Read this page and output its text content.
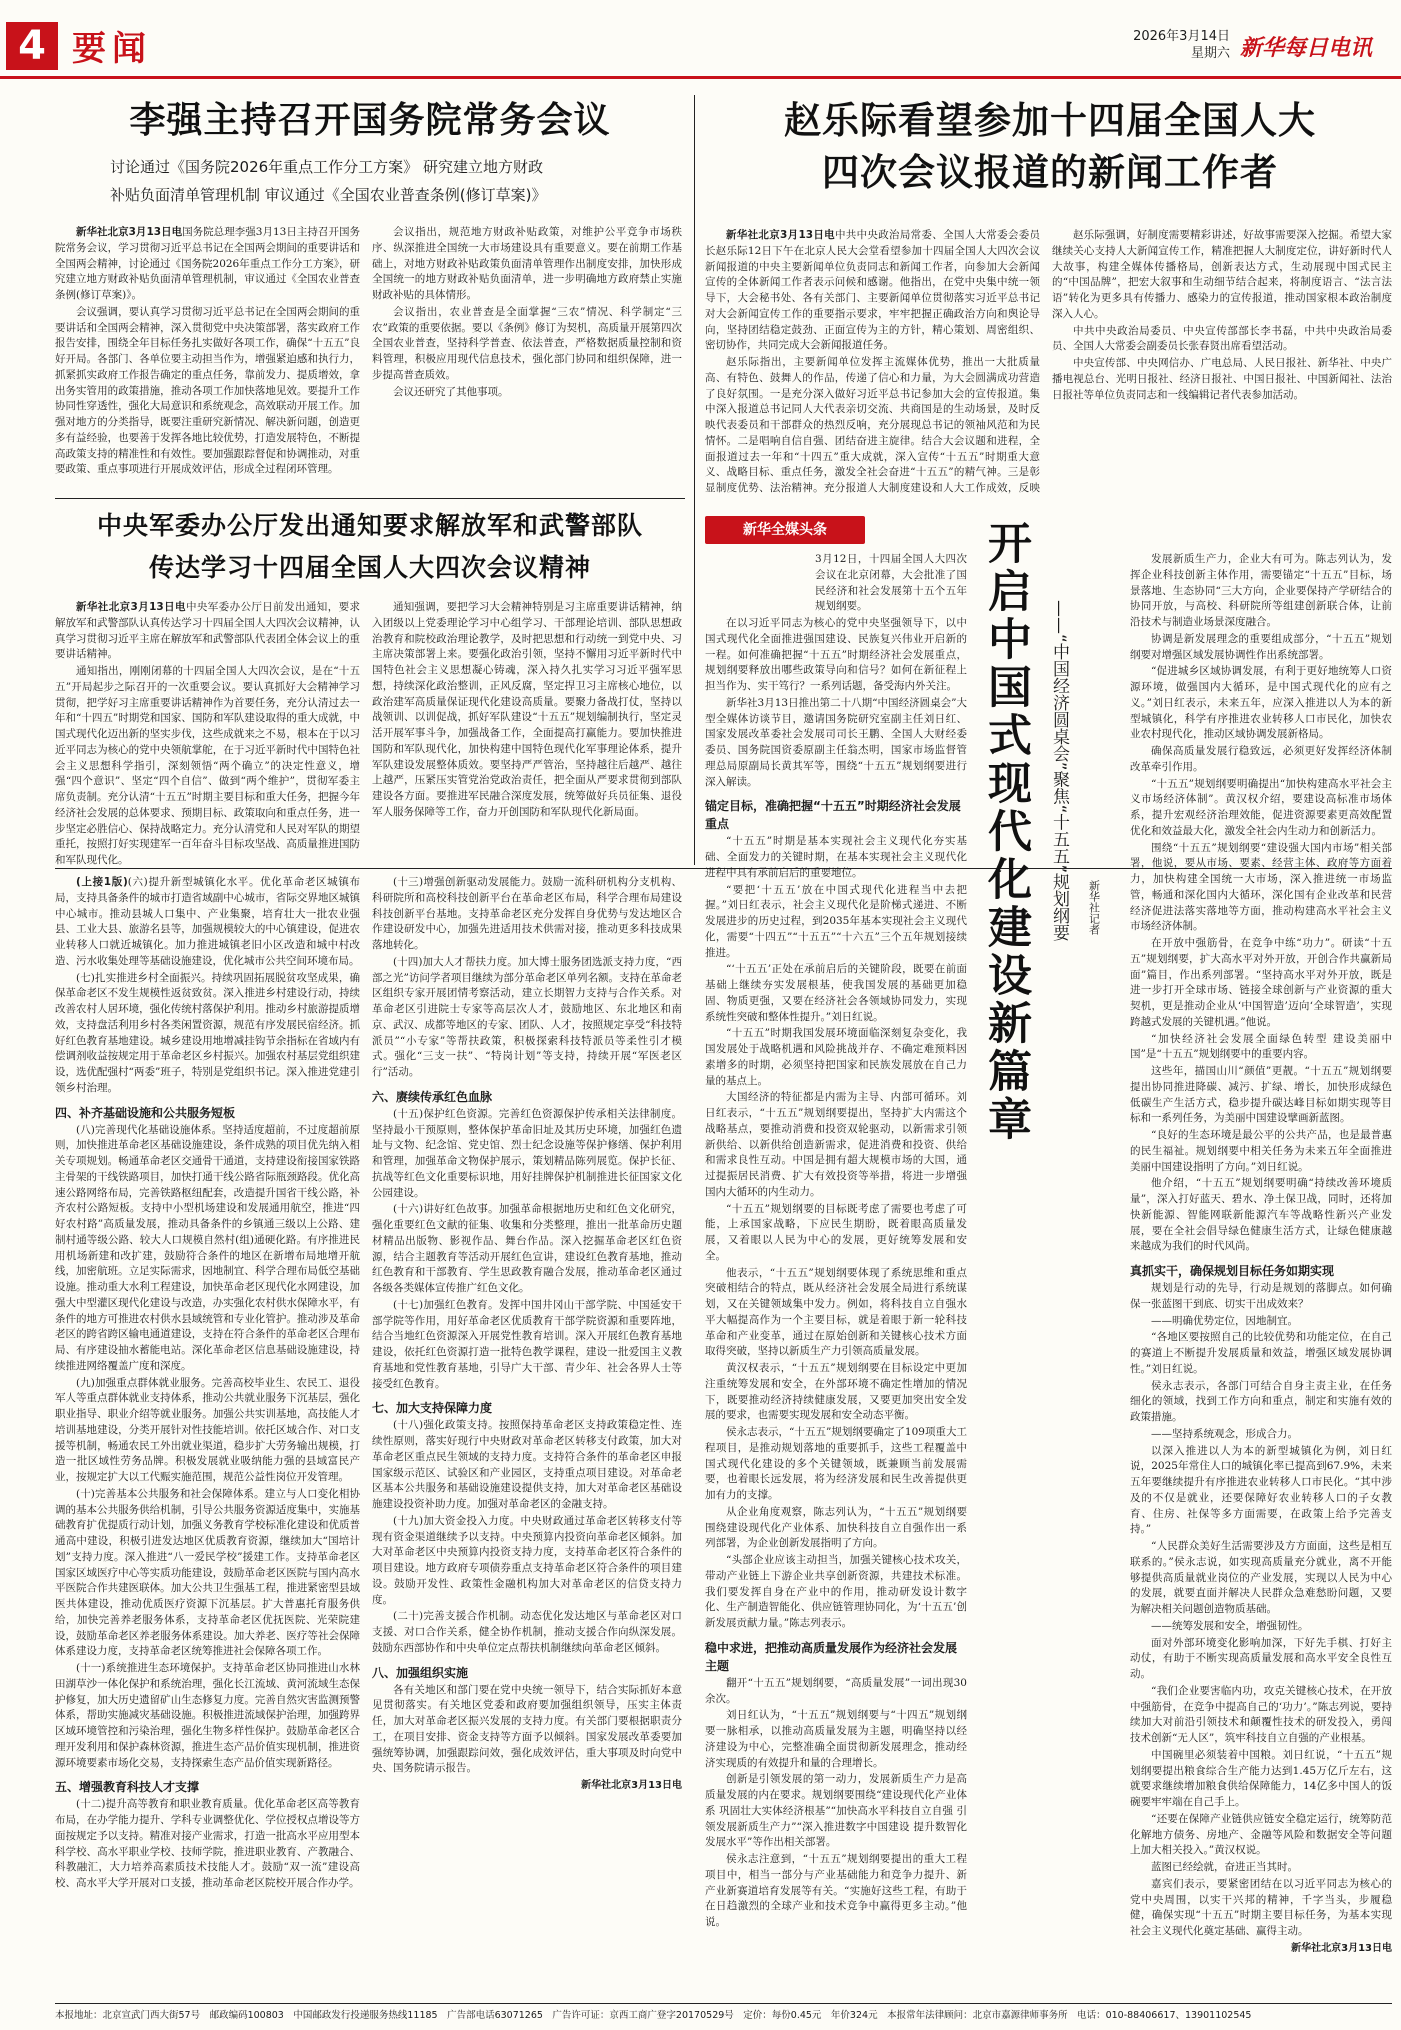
4 要闻	2026年3月14日
星期六 新华每日电讯
李强主持召开国务院常务会议
讨论通过《国务院2026年重点工作分工方案》 研究建立地方财政
补贴负面清单管理机制 审议通过《全国农业普查条例(修订草案)》

新华社北京3月13日电国务院总理李强3月13日主持召开国务院常务会议，学习贯彻习近平总书记在全国两会期间的重要讲话和全国两会精神，讨论通过《国务院2026年重点工作分工方案》，研究建立地方财政补贴负面清单管理机制，审议通过《全国农业普查条例(修订草案)》。

会议强调，要认真学习贯彻习近平总书记在全国两会期间的重要讲话和全国两会精神，深入贯彻党中央决策部署，落实政府工作报告安排，围绕全年目标任务扎实做好各项工作，确保“十五五”良好开局。各部门、各单位要主动担当作为，增强紧迫感和执行力，抓紧抓实政府工作报告确定的重点任务，靠前发力、提质增效，拿出务实管用的政策措施，推动各项工作加快落地见效。要提升工作协同性穿透性，强化大局意识和系统观念，高效联动开展工作。加强对地方的分类指导，既要注重研究新情况、解决新问题，创造更多有益经验，也要善于发挥各地比较优势，打造发展特色，不断提高政策支持的精准性和有效性。要加强跟踪督促和协调推动，对重要政策、重点事项进行开展成效评估，形成全过程闭环管理。

会议指出，规范地方财政补贴政策，对维护公平竞争市场秩序、纵深推进全国统一大市场建设具有重要意义。要在前期工作基础上，对地方财政补贴政策负面清单管理作出制度安排，加快形成全国统一的地方财政补贴负面清单，进一步明确地方政府禁止实施财政补贴的具体情形。

会议指出，农业普查是全面掌握“三农”情况、科学制定“三农”政策的重要依据。要以《条例》修订为契机，高质量开展第四次全国农业普查，坚持科学普查、依法普查，严格数据质量控制和资料管理，积极应用现代信息技术，强化部门协同和组织保障，进一步提高普查质效。

会议还研究了其他事项。

赵乐际看望参加十四届全国人大
四次会议报道的新闻工作者

新华社北京3月13日电中共中央政治局常委、全国人大常委会委员长赵乐际12日下午在北京人民大会堂看望参加十四届全国人大四次会议新闻报道的中央主要新闻单位负责同志和新闻工作者，向参加大会新闻宣传的全体新闻工作者表示问候和感谢。他指出，在党中央集中统一领导下，大会秘书处、各有关部门、主要新闻单位贯彻落实习近平总书记对大会新闻宣传工作的重要指示要求，牢牢把握正确政治方向和舆论导向，坚持团结稳定鼓劲、正面宣传为主的方针，精心策划、周密组织、密切协作，共同完成大会新闻报道任务。

赵乐际指出，主要新闻单位发挥主流媒体优势，推出一大批质量高、有特色、鼓舞人的作品，传递了信心和力量，为大会圆满成功营造了良好氛围。一是充分深入做好习近平总书记参加大会的宣传报道。集中深入报道总书记同人大代表亲切交流、共商国是的生动场景，及时反映代表委员和干部群众的热烈反响，充分展现总书记的领袖风范和为民情怀。二是唱响自信自强、团结奋进主旋律。结合大会议题和进程，全面报道过去一年和“十四五”重大成就，深入宣传“十五五”时期重大意义、战略目标、重点任务，激发全社会奋进“十五五”的精气神。三是彰显制度优势、法治精神。充分报道人大制度建设和人大工作成效，反映

赵乐际强调，好制度需要精彩讲述，好故事需要深入挖掘。希望大家继续关心支持人大新闻宣传工作，精准把握人大制度定位，讲好新时代人大故事，构建全媒体传播格局，创新表达方式，生动展现中国式民主的“中国品牌”，把宏大叙事和生动细节结合起来，将制度语言、“法言法语”转化为更多具有传播力、感染力的宣传报道，推动国家根本政治制度深入人心。

中共中央政治局委员、中央宣传部部长李书磊，中共中央政治局委员、全国人大常委会副委员长张春贤出席看望活动。

中央宣传部、中央网信办、广电总局、人民日报社、新华社、中央广播电视总台、光明日报社、经济日报社、中国日报社、中国新闻社、法治日报社等单位负责同志和一线编辑记者代表参加活动。

中央军委办公厅发出通知要求解放军和武警部队
传达学习十四届全国人大四次会议精神

新华社北京3月13日电中央军委办公厅日前发出通知，要求解放军和武警部队认真传达学习十四届全国人大四次会议精神，认真学习贯彻习近平主席在解放军和武警部队代表团全体会议上的重要讲话精神。

通知指出，刚刚闭幕的十四届全国人大四次会议，是在“十五五”开局起步之际召开的一次重要会议。要认真抓好大会精神学习贯彻，把学好习主席重要讲话精神作为首要任务，充分认清过去一年和“十四五”时期党和国家、国防和军队建设取得的重大成就，中国式现代化迈出新的坚实步伐，这些成就来之不易，根本在于以习近平同志为核心的党中央领航掌舵，在于习近平新时代中国特色社会主义思想科学指引，深刻领悟“两个确立”的决定性意义，增强“四个意识”、坚定“四个自信”、做到“两个维护”，贯彻军委主席负责制。充分认清“十五五”时期主要目标和重大任务，把握今年经济社会发展的总体要求、预期目标、政策取向和重点任务，进一步坚定必胜信心、保持战略定力。充分认清党和人民对军队的期望重托，按照打好实现建军一百年奋斗目标攻坚战、高质量推进国防和军队现代化。

通知强调，要把学习大会精神特别是习主席重要讲话精神，纳入团级以上党委理论学习中心组学习、干部理论培训、部队思想政治教育和院校政治理论教学，及时把思想和行动统一到党中央、习主席决策部署上来。要强化政治引领，坚持不懈用习近平新时代中国特色社会主义思想凝心铸魂，深入持久扎实学习习近平强军思想，持续深化政治整训，正风反腐，坚定捍卫习主席核心地位，以政治建军高质量保证现代化建设高质量。要聚力备战打仗，坚持以战领训、以训促战，抓好军队建设“十五五”规划编制执行，坚定灵活开展军事斗争，加强战备工作，全面提高打赢能力。要加快推进国防和军队现代化，加快构建中国特色现代化军事理论体系，提升军队建设发展整体质效。要坚持严严管治，坚持越往后越严、越往上越严，压紧压实管党治党政治责任，把全面从严要求贯彻到部队建设各方面。要推进军民融合深度发展，统筹做好兵员征集、退役军人服务保障等工作，奋力开创国防和军队现代化新局面。

(上接1版)(六)提升新型城镇化水平。优化革命老区城镇布局，支持具备条件的城市打造省域副中心城市，省际交界地区城镇中心城市。推动县城人口集中、产业集聚，培育壮大一批农业强县、工业大县、旅游名县等，加强规模较大的中心镇建设，促进农业转移人口就近城镇化。加力推进城镇老旧小区改造和城中村改造、污水收集处理等基础设施建设，优化城市公共空间环境布局。

(七)扎实推进乡村全面振兴。持续巩固拓展脱贫攻坚成果，确保革命老区不发生规模性返贫致贫。深入推进乡村建设行动，持续改善农村人居环境，强化传统村落保护利用。推动乡村旅游提质增效，支持盘活利用乡村各类闲置资源，规范有序发展民宿经济。抓好红色教育基地建设。城乡建设用地增减挂钩节余指标在省域内有偿调剂收益按规定用于革命老区乡村振兴。加强农村基层党组织建设，选优配强村“两委”班子，特别是党组织书记。深入推进党建引领乡村治理。

四、补齐基础设施和公共服务短板

(八)完善现代化基础设施体系。坚持适度超前，不过度超前原则，加快推进革命老区基础设施建设，条件成熟的项目优先纳入相关专项规划。畅通革命老区交通骨干通道，支持建设衔接国家铁路主骨架的干线铁路项目，加快打通干线公路省际瓶颈路段。优化高速公路网络布局，完善铁路枢纽配套，改造提升国省干线公路，补齐农村公路短板。支持中小型机场建设和发展通用航空，推进“四好农村路”高质量发展，推动具备条件的乡镇通三级以上公路、建制村通等级公路、较大人口规模自然村(组)通硬化路。有序推进民用机场新建和改扩建，鼓励符合条件的地区在新增布局地增开航线，加密航班。立足实际需求，因地制宜、科学合理布局低空基础设施。推动重大水利工程建设，加快革命老区现代化水网建设，加强大中型灌区现代化建设与改造，办实强化农村供水保障水平，有条件的地方可推进农村供水县域统管和专业化管护。推动涉及革命老区的跨省跨区输电通道建设，支持在符合条件的革命老区合理布局、有序建设抽水蓄能电站。深化革命老区信息基础设施建设，持续推进网络覆盖广度和深度。

(九)加强重点群体就业服务。完善高校毕业生、农民工、退役军人等重点群体就业支持体系，推动公共就业服务下沉基层，强化职业指导、职业介绍等就业服务。加强公共实训基地，高技能人才培训基地建设，分类开展针对性技能培训。依托区域合作、对口支援等机制，畅通农民工外出就业渠道，稳步扩大劳务输出规模，打造一批区域性劳务品牌。积极发展就业吸纳能力强的县域富民产业，按规定扩大以工代赈实施范围，规范公益性岗位开发管理。

(十)完善基本公共服务和社会保障体系。建立与人口变化相协调的基本公共服务供给机制，引导公共服务资源适度集中，实施基础教育扩优提质行动计划，加强义务教育学校标准化建设和优质普通高中建设，积极引进发达地区优质教育资源，继续加大“国培计划”支持力度。深入推进“八一爱民学校”援建工作。支持革命老区国家区域医疗中心等实质功能建设，鼓励革命老区医院与国内高水平医院合作共建医联体。加大公共卫生强基工程，推进紧密型县域医共体建设，推动优质医疗资源下沉基层。扩大普惠托育服务供给，加快完善养老服务体系，支持革命老区优抚医院、光荣院建设，鼓励革命老区养老服务体系建设。加大养老、医疗等社会保障体系建设力度，支持革命老区统筹推进社会保障各项工作。

(十一)系统推进生态环境保护。支持革命老区协同推进山水林田湖草沙一体化保护和系统治理，强化长江流域、黄河流域生态保护修复，加大历史遗留矿山生态修复力度。完善自然灾害监测预警体系，帮助实施减灾基础设施。积极推进流域保护治理，加强跨界区域环境管控和污染治理，强化生物多样性保护。鼓励革命老区合理开发利用和保护森林资源，推进生态产品价值实现机制，推进资源环境要素市场化交易，支持探索生态产品价值实现新路径。

五、增强教育科技人才支撑

(十二)提升高等教育和职业教育质量。优化革命老区高等教育布局，在办学能力提升、学科专业调整优化、学位授权点增设等方面按规定予以支持。精准对接产业需求，打造一批高水平应用型本科学校、高水平职业学校、技师学院，推进职业教育、产教融合、科教融汇，大力培养高素质技术技能人才。鼓励“双一流”建设高校、高水平大学开展对口支援，推动革命老区院校开展合作办学。

(十三)增强创新驱动发展能力。鼓励一流科研机构分支机构、科研院所和高校科技创新平台在革命老区布局，科学合理布局建设科技创新平台基地。支持革命老区充分发挥自身优势与发达地区合作建设研发中心，加强先进适用技术供需对接，推动更多科技成果落地转化。

(十四)加大人才帮扶力度。加大博士服务团选派支持力度，“西部之光”访问学者项目继续为部分革命老区单列名额。支持在革命老区组织专家开展团情考察活动，建立长期智力支持与合作关系。对革命老区引进院士专家等高层次人才，鼓励地区、东北地区和南京、武汉、成都等地区的专家、团队、人才，按照规定享受“科技特派员”“小专家”等帮扶政策，积极探索科技特派员等柔性引才模式。强化“三支一扶”、“特岗计划”等支持，持续开展“军医老区行”活动。

六、赓续传承红色血脉

(十五)保护红色资源。完善红色资源保护传承相关法律制度。坚持最小干预原则，整体保护革命旧址及其历史环境，加强红色遗址与文物、纪念馆、党史馆、烈士纪念设施等保护修缮、保护利用和管理，加强革命文物保护展示，策划精品陈列展览。保护长征、抗战等红色文化重要标识地，用好挂牌保护机制推进长征国家文化公园建设。

(十六)讲好红色故事。加强革命根据地历史和红色文化研究，强化重要红色文献的征集、收集和分类整理，推出一批革命历史题材精品出版物、影视作品、舞台作品。深入挖掘革命老区红色资源，结合主题教育等活动开展红色宣讲，建设红色教育基地，推动红色教育和干部教育、学生思政教育融合发展，推动革命老区通过各级各类媒体宣传推广红色文化。

(十七)加强红色教育。发挥中国井冈山干部学院、中国延安干部学院等作用，用好革命老区优质教育干部学院资源和重要阵地，结合当地红色资源深入开展党性教育培训。深入开展红色教育基地建设，依托红色资源打造一批特色教学课程，建设一批爱国主义教育基地和党性教育基地，引导广大干部、青少年、社会各界人士等接受红色教育。

七、加大支持保障力度

(十八)强化政策支持。按照保持革命老区支持政策稳定性、连续性原则，落实好现行中央财政对革命老区转移支付政策，加大对革命老区重点民生领域的支持力度。支持符合条件的革命老区申报国家级示范区、试验区和产业园区，支持重点项目建设。对革命老区基本公共服务和基础设施建设提供支持，加大对革命老区基础设施建设投资补助力度。加强对革命老区的金融支持。

(十九)加大资金投入力度。中央财政通过革命老区转移支付等现有资金渠道继续予以支持。中央预算内投资向革命老区倾斜。加大对革命老区中央预算内投资支持力度，支持革命老区符合条件的项目建设。地方政府专项债券重点支持革命老区符合条件的项目建设。鼓励开发性、政策性金融机构加大对革命老区的信贷支持力度。

(二十)完善支援合作机制。动态优化发达地区与革命老区对口支援、对口合作关系，健全协作机制，推动支援合作向纵深发展。鼓励东西部协作和中央单位定点帮扶机制继续向革命老区倾斜。

八、加强组织实施

各有关地区和部门要在党中央统一领导下，结合实际抓好本意见贯彻落实。有关地区党委和政府要加强组织领导，压实主体责任，加大对革命老区振兴发展的支持力度。有关部门要根据职责分工，在项目安排、资金支持等方面予以倾斜。国家发展改革委要加强统筹协调，加强跟踪问效，强化成效评估，重大事项及时向党中央、国务院请示报告。

新华社北京3月13日电
新华全媒头条	开启中国式现代化建设新篇章 ——“中国经济圆桌会”聚焦“十五五”规划纲要	新华社记者

3月12日，十四届全国人大四次会议在北京闭幕，大会批准了国民经济和社会发展第十五个五年规划纲要。

在以习近平同志为核心的党中央坚强领导下，以中国式现代化全面推进强国建设、民族复兴伟业开启新的一程。如何准确把握“十五五”时期经济社会发展重点，规划纲要释放出哪些政策导向和信号？如何在新征程上担当作为、实干笃行？一系列话题，备受海内外关注。

新华社3月13日推出第二十八期“中国经济圆桌会”大型全媒体访谈节目，邀请国务院研究室副主任刘日红、国家发展改革委社会发展司司长王鹏、全国人大财经委委员、国务院国资委原副主任翁杰明，国家市场监督管理总局原副局长黄其军等，围绕“十五五”规划纲要进行深入解读。

锚定目标，准确把握“十五五”时期经济社会发展重点

“十五五”时期是基本实现社会主义现代化夯实基础、全面发力的关键时期，在基本实现社会主义现代化进程中具有承前启后的重要地位。

“要把‘十五五’放在中国式现代化进程当中去把握。”刘日红表示，社会主义现代化是阶梯式递进、不断发展进步的历史过程，到2035年基本实现社会主义现代化，需要“十四五”“十五五”“十六五”三个五年规划接续推进。

“‘十五五’正处在承前启后的关键阶段，既要在前面基础上继续夯实发展根基，使我国发展的基础更加稳固、物质更强，又要在经济社会各领域协同发力，实现系统性突破和整体性提升。”刘日红说。

“十五五”时期我国发展环境面临深刻复杂变化，我国发展处于战略机遇和风险挑战并存、不确定难预料因素增多的时期，必须坚持把国家和民族发展放在自己力量的基点上。

大国经济的特征都是内需为主导、内部可循环。刘日红表示，“十五五”规划纲要提出，坚持扩大内需这个战略基点，要推动消费和投资双轮驱动，以新需求引领新供给、以新供给创造新需求，促进消费和投资、供给和需求良性互动。中国是拥有超大规模市场的大国，通过提振居民消费、扩大有效投资等举措，将进一步增强国内大循环的内生动力。

“十五五”规划纲要的目标既考虑了需要也考虑了可能，上承国家战略，下应民生期盼，既着眼高质量发展，又着眼以人民为中心的发展，更好统筹发展和安全。

他表示，“十五五”规划纲要体现了系统思维和重点突破相结合的特点，既从经济社会发展全局进行系统谋划，又在关键领域集中发力。例如，将科技自立自强水平大幅提高作为一个主要目标，就是着眼于新一轮科技革命和产业变革，通过在原始创新和关键核心技术方面取得突破，坚持以新质生产力引领高质量发展。

黄汉权表示，“十五五”规划纲要在目标设定中更加注重统筹发展和安全，在外部环境不确定性增加的情况下，既要推动经济持续健康发展，又要更加突出安全发展的要求，也需要实现发展和安全动态平衡。

侯永志表示，“十五五”规划纲要确定了109项重大工程项目，是推动规划落地的重要抓手，这些工程覆盖中国式现代化建设的多个关键领域，既兼顾当前发展需要，也着眼长远发展，将为经济发展和民生改善提供更加有力的支撑。

从企业角度观察，陈志列认为，“十五五”规划纲要围绕建设现代化产业体系、加快科技自立自强作出一系列部署，为企业创新发展指明了方向。

“头部企业应该主动担当，加强关键核心技术攻关，带动产业链上下游企业共享创新资源，共建技术标准。我们要发挥自身在产业中的作用，推动研发设计数字化、生产制造智能化、供应链管理协同化，为‘十五五’创新发展贡献力量。”陈志列表示。

稳中求进，把推动高质量发展作为经济社会发展主题

翻开“十五五”规划纲要，“高质量发展”一词出现30余次。

刘日红认为，“十五五”规划纲要与“十四五”规划纲要一脉相承，以推动高质量发展为主题，明确坚持以经济建设为中心，完整准确全面贯彻新发展理念，推动经济实现质的有效提升和量的合理增长。

创新是引领发展的第一动力，发展新质生产力是高质量发展的内在要求。规划纲要围绕“建设现代化产业体系 巩固壮大实体经济根基”“加快高水平科技自立自强 引领发展新质生产力”“深入推进数字中国建设 提升数智化发展水平”等作出相关部署。

侯永志注意到，“十五五”规划纲要提出的重大工程项目中，相当一部分与产业基础能力和竞争力提升、新产业新赛道培育发展等有关。“实施好这些工程，有助于在日趋激烈的全球产业和技术竞争中赢得更多主动。”他说。

发展新质生产力，企业大有可为。陈志列认为，发挥企业科技创新主体作用，需要锚定“十五五”目标，场景落地、生态协同“三大方向，企业要保持产学研结合的协同开放，与高校、科研院所等组建创新联合体，让前沿技术与制造业场景深度融合。

协调是新发展理念的重要组成部分，“十五五”规划纲要对增强区域发展协调性作出系统部署。

“促进城乡区域协调发展，有利于更好地统筹人口资源环境，做强国内大循环，是中国式现代化的应有之义。”刘日红表示，未来五年，应深入推进以人为本的新型城镇化，科学有序推进农业转移人口市民化，加快农业农村现代化，推动区域协调发展新格局。

确保高质量发展行稳致远，必须更好发挥经济体制改革牵引作用。

“十五五”规划纲要明确提出“加快构建高水平社会主义市场经济体制”。黄汉权介绍，要建设高标准市场体系，提升宏观经济治理效能，促进资源要素更高效配置优化和效益最大化，激发全社会内生动力和创新活力。

围绕“十五五”规划纲要“建设强大国内市场”相关部署，他说，要从市场、要素、经营主体、政府等方面着力，加快构建全国统一大市场，深入推进统一市场监管，畅通和深化国内大循环，深化国有企业改革和民营经济促进法落实落地等方面，推动构建高水平社会主义市场经济体制。

在开放中强筋骨，在竞争中练“功力”。研读“十五五”规划纲要，扩大高水平对外开放，开创合作共赢新局面”篇目，作出系列部署。“坚持高水平对外开放，既是进一步打开全球市场、链接全球创新与产业资源的重大契机，更是推动企业从‘中国智造’迈向‘全球智造’，实现跨越式发展的关键机遇。”他说。

“加快经济社会发展全面绿色转型 建设美丽中国”是“十五五”规划纲要中的重要内容。

这些年，描国山川“颜值”更靓。“十五五”规划纲要提出协同推进降碳、减污、扩绿、增长，加快形成绿色低碳生产生活方式，稳步提升碳达峰目标如期实现等目标和一系列任务，为美丽中国建设擘画新蓝图。

“良好的生态环境是最公平的公共产品，也是最普惠的民生福祉。规划纲要中相关任务为未来五年全面推进美丽中国建设指明了方向。”刘日红说。

他介绍，“十五五”规划纲要明确“持续改善环境质量”，深入打好蓝天、碧水、净土保卫战，同时，还将加快新能源、智能网联新能源汽车等战略性新兴产业发展，要在全社会倡导绿色健康生活方式，让绿色健康越来越成为我们的时代风尚。

真抓实干，确保规划目标任务如期实现

规划是行动的先导，行动是规划的落脚点。如何确保一张蓝图干到底、切实干出成效来？

——明确优势定位，因地制宜。

“各地区要按照自己的比较优势和功能定位，在自己的赛道上不断提升发展质量和效益，增强区域发展协调性。”刘日红说。

侯永志表示，各部门可结合自身主责主业，在任务细化的领域，找到工作方向和重点，制定和实施有效的政策措施。

——坚持系统观念，形成合力。

以深入推进以人为本的新型城镇化为例，刘日红说，2025年常住人口的城镇化率已提高到67.9%，未来五年要继续提升有序推进农业转移人口市民化。“其中涉及的不仅是就业，还要保障好农业转移人口的子女教育、住房、社保等多方面需要，在政策上给予完善支持。”

“人民群众美好生活需要涉及方方面面，这些是相互联系的。”侯永志说，如实现高质量充分就业，离不开能够提供高质量就业岗位的产业发展，实现以人民为中心的发展，就要直面并解决人民群众急难愁盼问题，又要为解决相关问题创造物质基础。

——统筹发展和安全，增强韧性。

面对外部环境变化影响加深，下好先手棋、打好主动仗，有助于不断实现高质量发展和高水平安全良性互动。

“我们企业要害临内功，攻克关键核心技术，在开放中强筋骨，在竞争中提高自己的‘功力’。”陈志列说，要持续加大对前沿引领技术和颠覆性技术的研发投入，勇闯技术创新“无人区”，筑牢科技自立自强的产业根基。

中国碗里必须装着中国粮。刘日红说，“十五五”规划纲要提出粮食综合生产能力达到1.45万亿斤左右，这就要求继续增加粮食供给保障能力，14亿多中国人的饭碗要牢牢端在自己手上。

“还要在保障产业链供应链安全稳定运行，统筹防范化解地方债务、房地产、金融等风险和数据安全等问题上加大相关投入。”黄汉权说。

蓝图已经绘就，奋进正当其时。

嘉宾们表示，要紧密团结在以习近平同志为核心的党中央周围，以实干兴邦的精神，千字当头，步履稳健，确保实现“十五五”时期主要目标任务，为基本实现社会主义现代化奠定基础、赢得主动。

新华社北京3月13日电
本报地址：北京宣武门西大街57号　邮政编码100803　中国邮政发行投递服务热线11185　广告部电话63071265　广告许可证：京西工商广登字20170529号　定价：每份0.45元　年价324元　本报常年法律顾问：北京市嘉源律师事务所　电话：010-88406617、13901102545
